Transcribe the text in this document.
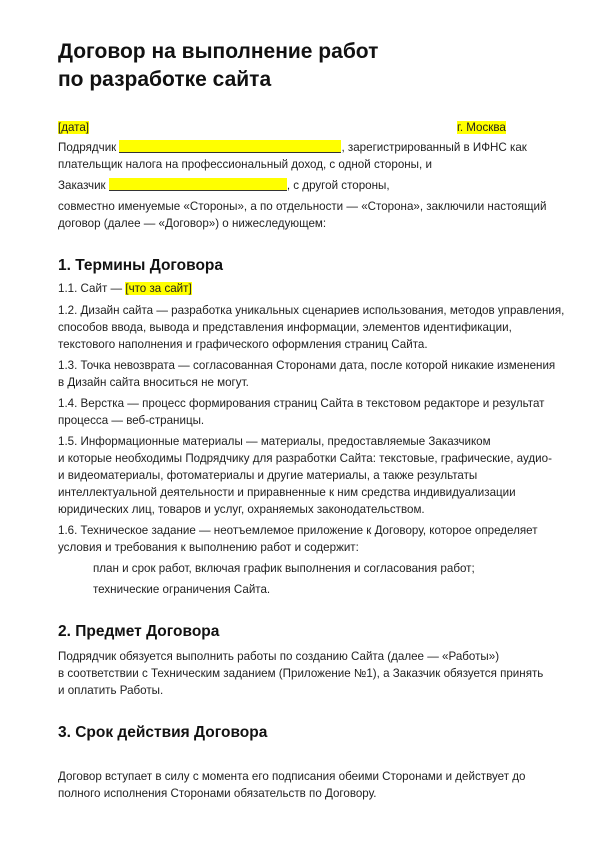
Договор на выполнение работ
по разработке сайта
[дата]	г. Москва
Подрядчик	, зарегистрированный в ИФНС как
плательщик налога на профессиональный доход, с одной стороны, и
Заказчик	, с другой стороны,
совместно именуемые «Стороны», а по отдельности — «Сторона», заключили настоящий
договор (далее — «Договор») о нижеследующем:
1. Термины Договора
1.1. Сайт — [что за сайт]
1.2. Дизайн сайта — разработка уникальных сценариев использования, методов управления,
способов ввода, вывода и представления информации, элементов идентификации,
текстового наполнения и графического оформления страниц Сайта.
1.3. Точка невозврата — согласованная Сторонами дата, после которой никакие изменения
в Дизайн сайта вноситься не могут.
1.4. Верстка — процесс формирования страниц Сайта в текстовом редакторе и результат
процесса — веб-страницы.
1.5. Информационные материалы — материалы, предоставляемые Заказчиком
и которые необходимы Подрядчику для разработки Сайта: текстовые, графические, аудио-
и видеоматериалы, фотоматериалы и другие материалы, а также результаты
интеллектуальной деятельности и приравненные к ним средства индивидуализации
юридических лиц, товаров и услуг, охраняемых законодательством.
1.6. Техническое задание — неотъемлемое приложение к Договору, которое определяет
условия и требования к выполнению работ и содержит:
план и срок работ, включая график выполнения и согласования работ;
технические ограничения Сайта.
2. Предмет Договора
Подрядчик обязуется выполнить работы по созданию Сайта (далее — «Работы»)
в соответствии с Техническим заданием (Приложение №1), а Заказчик обязуется принять
и оплатить Работы.
3. Срок действия Договора
Договор вступает в силу с момента его подписания обеими Сторонами и действует до
полного исполнения Сторонами обязательств по Договору.
